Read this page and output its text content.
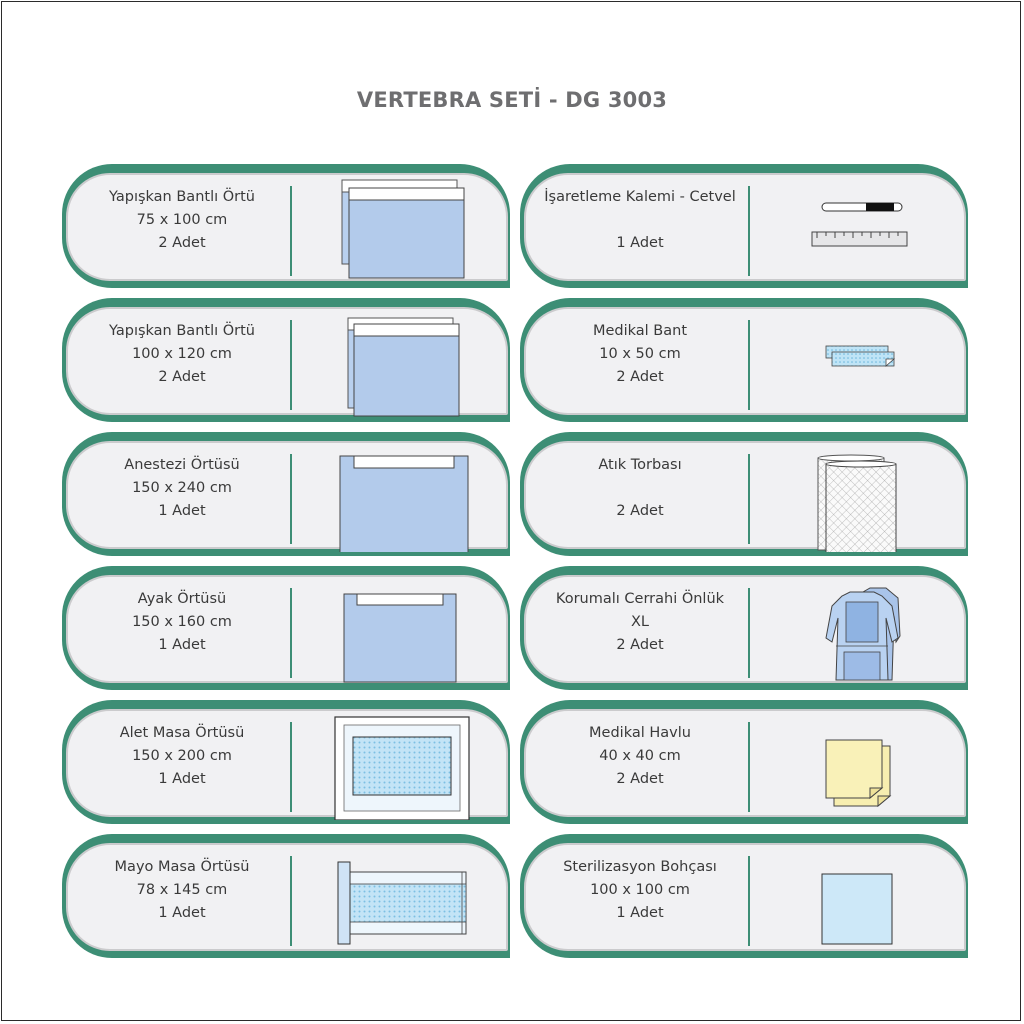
VERTEBRA SETİ - DG 3003
Yapışkan Bantlı Örtü
75 x 100 cm
2 Adet
İşaretleme Kalemi - Cetvel
1 Adet
Yapışkan Bantlı Örtü
100 x 120 cm
2 Adet
Medikal Bant
10 x 50 cm
2 Adet
Anestezi Örtüsü
150 x 240 cm
1 Adet
Atık Torbası
2 Adet
Ayak Örtüsü
150 x 160 cm
1 Adet
Korumalı Cerrahi Önlük
XL
2 Adet
Alet Masa Örtüsü
150 x 200 cm
1 Adet
Medikal Havlu
40 x 40 cm
2 Adet
Mayo Masa Örtüsü
78 x 145 cm
1 Adet
Sterilizasyon Bohçası
100 x 100 cm
1 Adet
